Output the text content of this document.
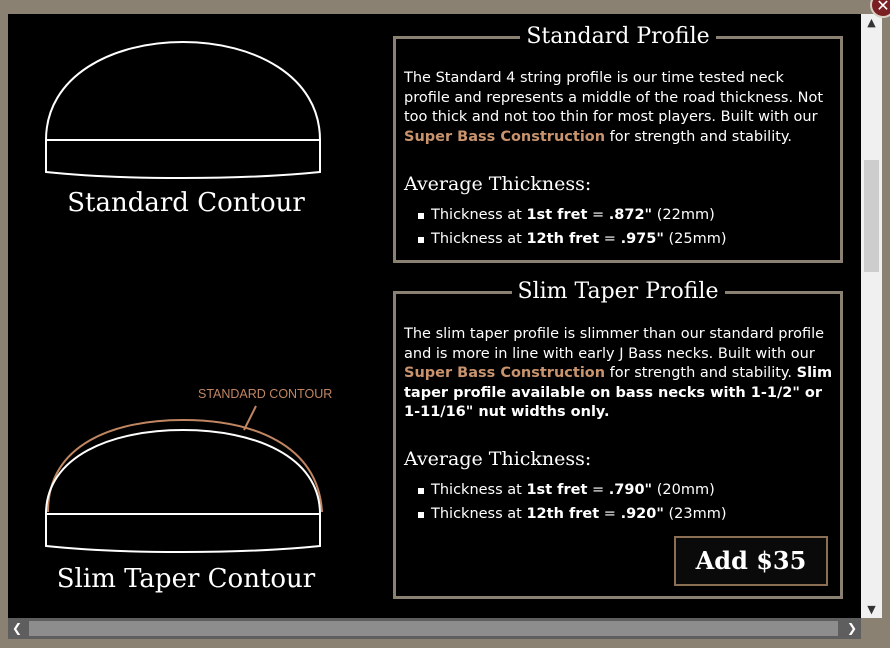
Standard Contour
STANDARD CONTOUR
Slim Taper Contour
Standard Profile
The Standard 4 string profile is our time tested neck profile and represents a middle of the road thickness. Not too thick and not too thin for most players. Built with our Super Bass Construction for strength and stability.
Average Thickness:
Thickness at 1st fret = .872" (22mm)
Thickness at 12th fret = .975" (25mm)
Slim Taper Profile
The slim taper profile is slimmer than our standard profile and is more in line with early J Bass necks. Built with our Super Bass Construction for strength and stability. Slim taper profile available on bass necks with 1-1/2" or 1-11/16" nut widths only.
Average Thickness:
Thickness at 1st fret = .790" (20mm)
Thickness at 12th fret = .920" (23mm)
Add $35
▲
▼
❮	❯
✕
